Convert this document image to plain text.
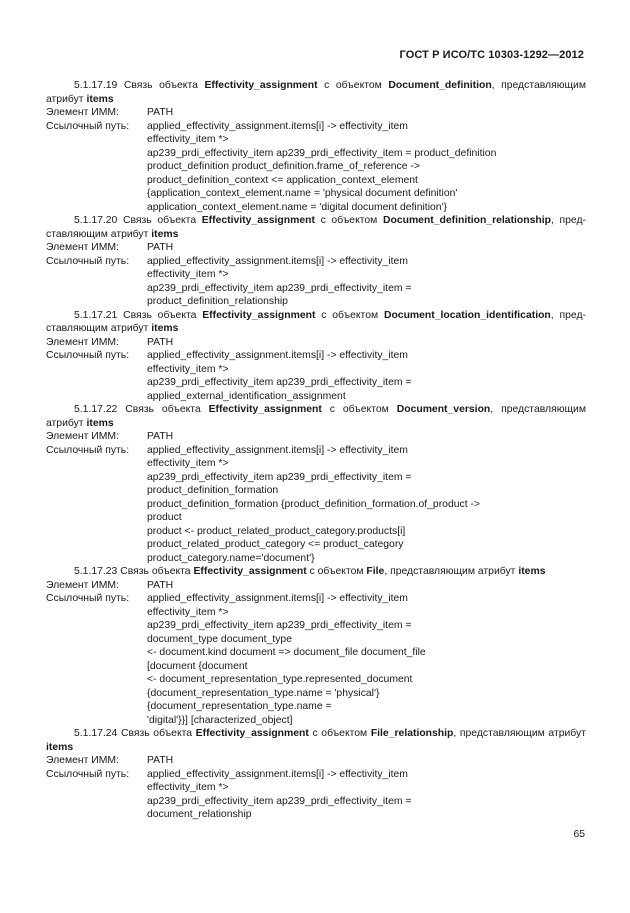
ГОСТ Р ИСО/ТС 10303-1292—2012

5.1.17.19 Связь объекта Effectivity_assignment с объектом Document_definition, представляющим атрибут items

Элемент ИММ:	PATH
Ссылочный путь:	applied_effectivity_assignment.items[i] -> effectivity_item
effectivity_item *>
ap239_prdi_effectivity_item ap239_prdi_effectivity_item = product_definition
product_definition product_definition.frame_of_reference ->
product_definition_context <= application_context_element
{application_context_element.name = 'physical document definition'
application_context_element.name = 'digital document definition'}

5.1.17.20 Связь объекта Effectivity_assignment с объектом Document_definition_relationship, пред-ставляющим атрибут items

Элемент ИММ:	PATH
Ссылочный путь:	applied_effectivity_assignment.items[i] -> effectivity_item
effectivity_item *>
ap239_prdi_effectivity_item ap239_prdi_effectivity_item =
product_definition_relationship

5.1.17.21 Связь объекта Effectivity_assignment с объектом Document_location_identification, пред-ставляющим атрибут items

Элемент ИММ:	PATH
Ссылочный путь:	applied_effectivity_assignment.items[i] -> effectivity_item
effectivity_item *>
ap239_prdi_effectivity_item ap239_prdi_effectivity_item =
applied_external_identification_assignment

5.1.17.22 Связь объекта Effectivity_assignment с объектом Document_version, представляющим атрибут items

Элемент ИММ:	PATH
Ссылочный путь:	applied_effectivity_assignment.items[i] -> effectivity_item
effectivity_item *>
ap239_prdi_effectivity_item ap239_prdi_effectivity_item =
product_definition_formation
product_definition_formation {product_definition_formation.of_product ->
product
product <- product_related_product_category.products[i]
product_related_product_category <= product_category
product_category.name='document'}

5.1.17.23 Связь объекта Effectivity_assignment с объектом File, представляющим атрибут items

Элемент ИММ:	PATH
Ссылочный путь:	applied_effectivity_assignment.items[i] -> effectivity_item
effectivity_item *>
ap239_prdi_effectivity_item ap239_prdi_effectivity_item =
document_type document_type
<- document.kind document => document_file document_file
[document {document
<- document_representation_type.represented_document
{document_representation_type.name = 'physical'}
{document_representation_type.name =
'digital'}}] [characterized_object]

5.1.17.24 Связь объекта Effectivity_assignment с объектом File_relationship, представляющим атрибут items

Элемент ИММ:	PATH
Ссылочный путь:	applied_effectivity_assignment.items[i] -> effectivity_item
effectivity_item *>
ap239_prdi_effectivity_item ap239_prdi_effectivity_item =
document_relationship
65
